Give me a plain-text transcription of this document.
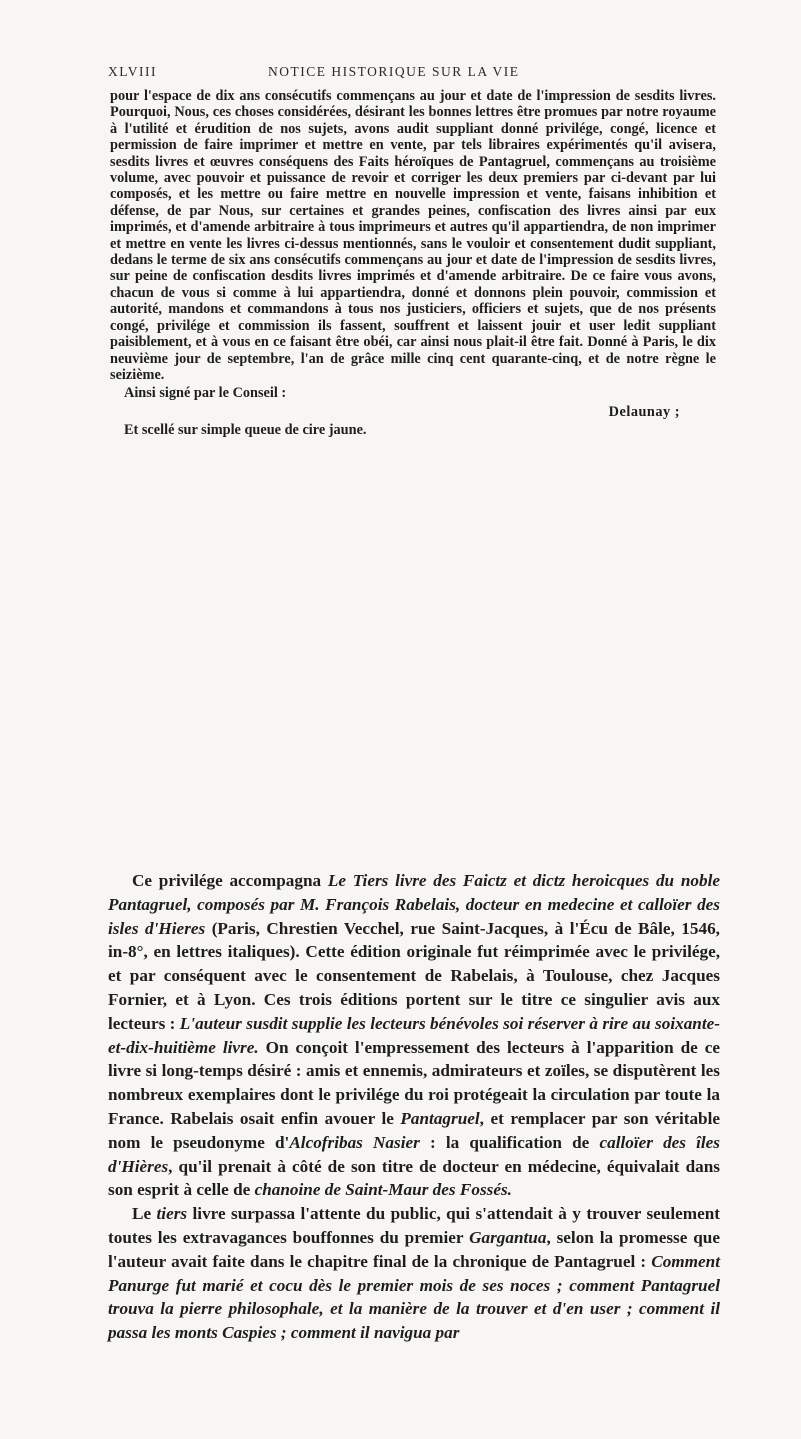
XLVIII	NOTICE HISTORIQUE SUR LA VIE

pour l'espace de dix ans consécutifs commençans au jour et date de l'impression de sesdits livres. Pourquoi, Nous, ces choses considérées, désirant les bonnes lettres être promues par notre royaume à l'utilité et érudition de nos sujets, avons audit suppliant donné privilége, congé, licence et permission de faire imprimer et mettre en vente, par tels libraires expérimentés qu'il avisera, sesdits livres et œuvres conséquens des Faits héroïques de Pantagruel, commençans au troisième volume, avec pouvoir et puissance de revoir et corriger les deux premiers par ci-devant par lui composés, et les mettre ou faire mettre en nouvelle impression et vente, faisans inhibition et défense, de par Nous, sur certaines et grandes peines, confiscation des livres ainsi par eux imprimés, et d'amende arbitraire à tous imprimeurs et autres qu'il appartiendra, de non imprimer et mettre en vente les livres ci-dessus mentionnés, sans le vouloir et consentement dudit suppliant, dedans le terme de six ans consécutifs commençans au jour et date de l'impression de sesdits livres, sur peine de confiscation desdits livres imprimés et d'amende arbitraire. De ce faire vous avons, chacun de vous si comme à lui appartiendra, donné et donnons plein pouvoir, commission et autorité, mandons et commandons à tous nos justiciers, officiers et sujets, que de nos présents congé, privilége et commission ils fassent, souffrent et laissent jouir et user ledit suppliant paisiblement, et à vous en ce faisant être obéi, car ainsi nous plait-il être fait. Donné à Paris, le dix neuvième jour de septembre, l'an de grâce mille cinq cent quarante-cinq, et de notre règne le seizième.

Ainsi signé par le Conseil :

Delaunay ;

Et scellé sur simple queue de cire jaune.

Ce privilége accompagna Le Tiers livre des Faictz et dictz heroicques du noble Pantagruel, composés par M. François Rabelais, docteur en medecine et calloïer des isles d'Hieres (Paris, Chrestien Vecchel, rue Saint-Jacques, à l'Écu de Bâle, 1546, in-8°, en lettres italiques). Cette édition originale fut réimprimée avec le privilége, et par conséquent avec le consentement de Rabelais, à Toulouse, chez Jacques Fornier, et à Lyon. Ces trois éditions portent sur le titre ce singulier avis aux lecteurs : L'auteur susdit supplie les lecteurs bénévoles soi réserver à rire au soixante-et-dix-huitième livre. On conçoit l'empressement des lecteurs à l'apparition de ce livre si long-temps désiré : amis et ennemis, admirateurs et zoïles, se disputèrent les nombreux exemplaires dont le privilége du roi protégeait la circulation par toute la France. Rabelais osait enfin avouer le Pantagruel, et remplacer par son véritable nom le pseudonyme d'Alcofribas Nasier : la qualification de calloïer des îles d'Hières, qu'il prenait à côté de son titre de docteur en médecine, équivalait dans son esprit à celle de chanoine de Saint-Maur des Fossés.

Le tiers livre surpassa l'attente du public, qui s'attendait à y trouver seulement toutes les extravagances bouffonnes du premier Gargantua, selon la promesse que l'auteur avait faite dans le chapitre final de la chronique de Pantagruel : Comment Panurge fut marié et cocu dès le premier mois de ses noces ; comment Pantagruel trouva la pierre philosophale, et la manière de la trouver et d'en user ; comment il passa les monts Caspies ; comment il navigua par
